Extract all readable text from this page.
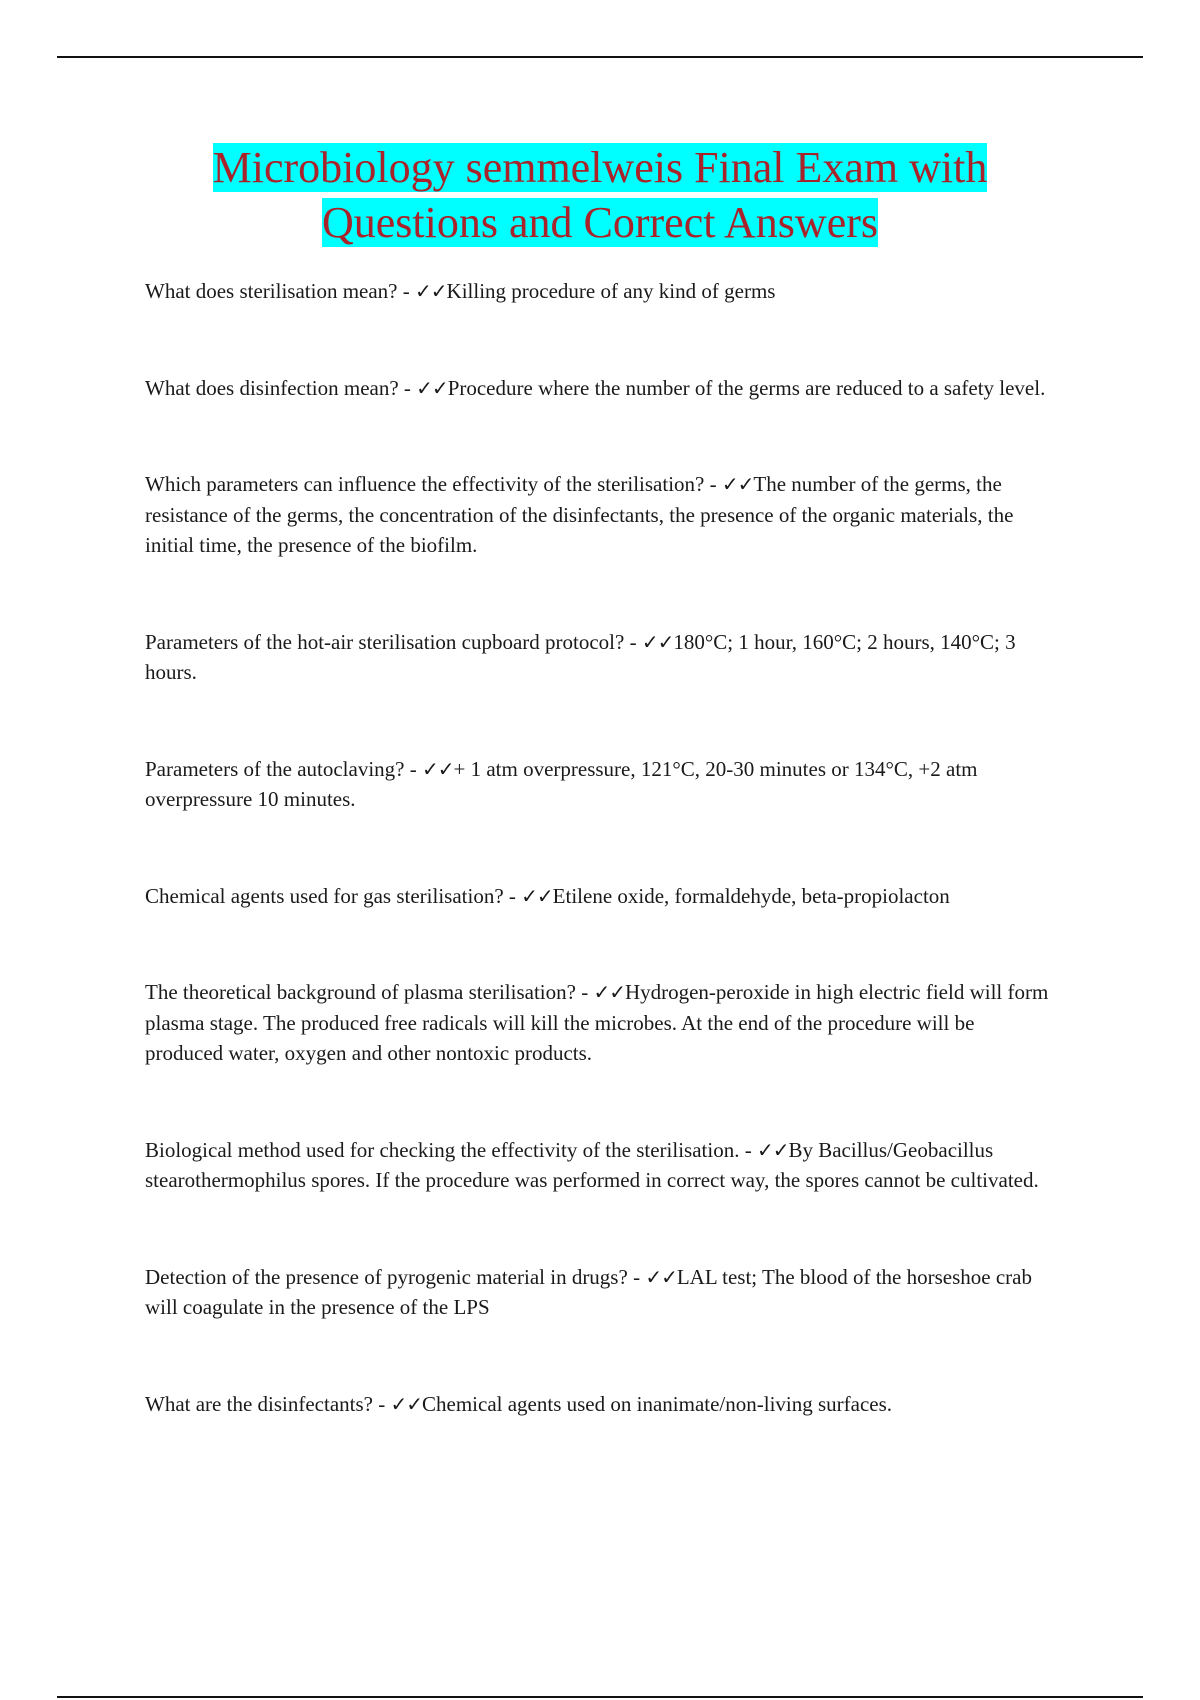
Microbiology semmelweis Final Exam with
Questions and Correct Answers

What does sterilisation mean? - ✓✓Killing procedure of any kind of germs

What does disinfection mean? - ✓✓Procedure where the number of the germs are reduced to a safety level.

Which parameters can influence the effectivity of the sterilisation? - ✓✓The number of the germs, the resistance of the germs, the concentration of the disinfectants, the presence of the organic materials, the initial time, the presence of the biofilm.

Parameters of the hot-air sterilisation cupboard protocol? - ✓✓180°C; 1 hour, 160°C; 2 hours, 140°C; 3 hours.

Parameters of the autoclaving? - ✓✓+ 1 atm overpressure, 121°C, 20-30 minutes or 134°C, +2 atm overpressure 10 minutes.

Chemical agents used for gas sterilisation? - ✓✓Etilene oxide, formaldehyde, beta-propiolacton

The theoretical background of plasma sterilisation? - ✓✓Hydrogen-peroxide in high electric field will form plasma stage. The produced free radicals will kill the microbes. At the end of the procedure will be produced water, oxygen and other nontoxic products.

Biological method used for checking the effectivity of the sterilisation. - ✓✓By Bacillus/Geobacillus stearothermophilus spores. If the procedure was performed in correct way, the spores cannot be cultivated.

Detection of the presence of pyrogenic material in drugs? - ✓✓LAL test; The blood of the horseshoe crab will coagulate in the presence of the LPS

What are the disinfectants? - ✓✓Chemical agents used on inanimate/non-living surfaces.
